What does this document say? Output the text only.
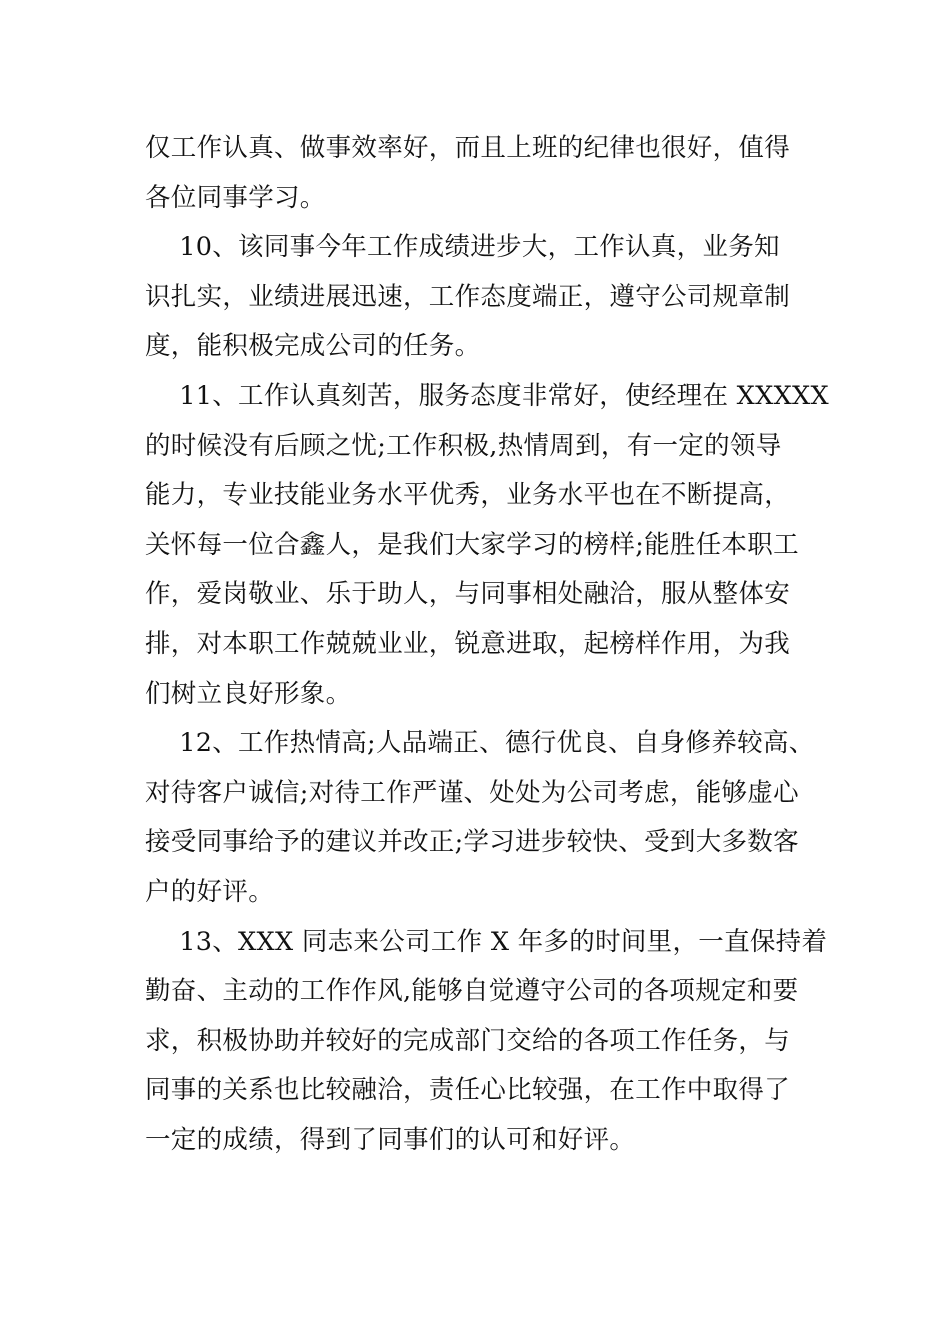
仅工作认真、做事效率好，而且上班的纪律也很好，值得
各位同事学习。
　 10、该同事今年工作成绩进步大，工作认真，业务知
识扎实，业绩进展迅速，工作态度端正，遵守公司规章制
度，能积极完成公司的任务。
　 11、工作认真刻苦，服务态度非常好，使经理在 XXXXX
的时候没有后顾之忧;工作积极,热情周到，有一定的领导
能力，专业技能业务水平优秀，业务水平也在不断提高，
关怀每一位合鑫人，是我们大家学习的榜样;能胜任本职工
作，爱岗敬业、乐于助人，与同事相处融洽，服从整体安
排，对本职工作兢兢业业，锐意进取，起榜样作用，为我
们树立良好形象。
　 12、工作热情高;人品端正、德行优良、自身修养较高、
对待客户诚信;对待工作严谨、处处为公司考虑，能够虚心
接受同事给予的建议并改正;学习进步较快、受到大多数客
户的好评。
　 13、XXX 同志来公司工作 X 年多的时间里，一直保持着
勤奋、主动的工作作风,能够自觉遵守公司的各项规定和要
求，积极协助并较好的完成部门交给的各项工作任务，与
同事的关系也比较融洽，责任心比较强，在工作中取得了
一定的成绩，得到了同事们的认可和好评。
